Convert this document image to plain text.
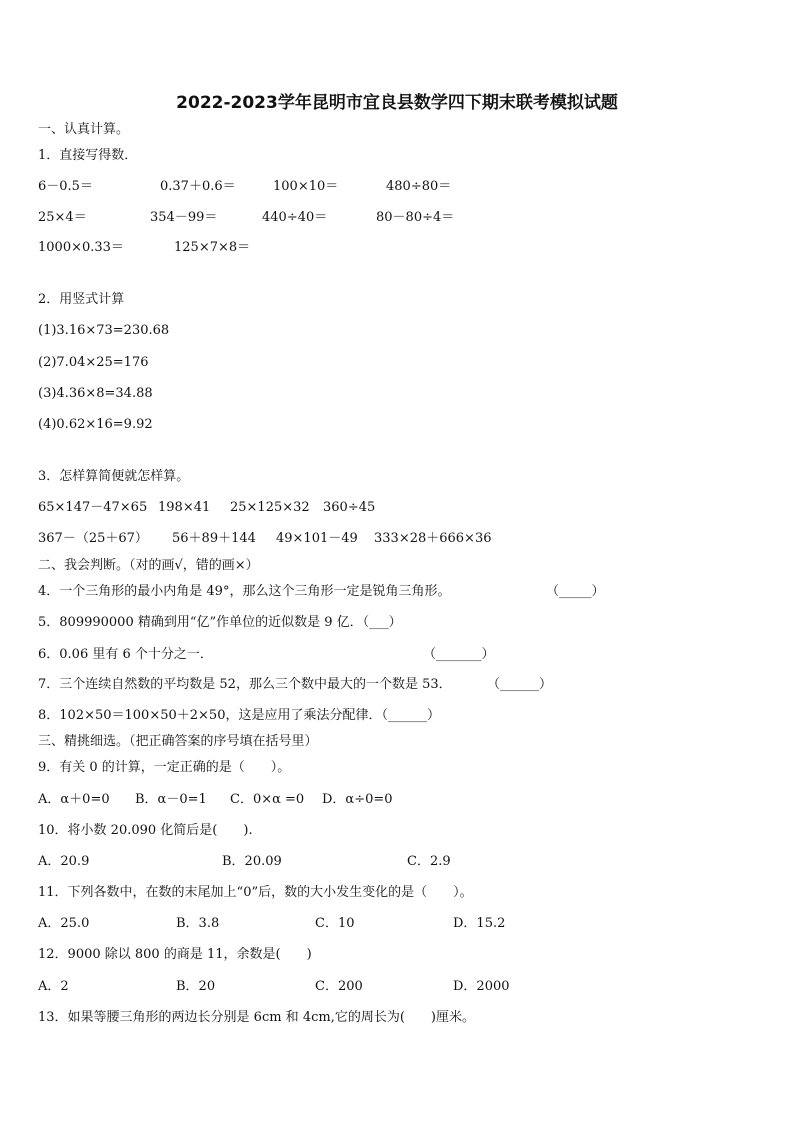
2022-2023学年昆明市宜良县数学四下期末联考模拟试题
一、认真计算。
1．直接写得数．
6－0.5＝	0.37＋0.6＝	100×10＝	480÷80＝
25×4＝	354－99＝	440÷40＝	80－80÷4＝
1000×0.33＝	125×7×8＝
2．用竖式计算
(1)3.16×73=230.68
(2)7.04×25=176
(3)4.36×8=34.88
(4)0.62×16=9.92
3．怎样算简便就怎样算。
65×147－47×65 198×41 25×125×32 360÷45
367－（25＋67） 56＋89＋144 49×101－49 333×28＋666×36
二、我会判断。（对的画√，错的画×）
4．一个三角形的最小内角是 49°，那么这个三角形一定是锐角三角形。	（_____）
5．809990000 精确到用“亿”作单位的近似数是 9 亿．（___）
6．0.06 里有 6 个十分之一．	（_______）
7．三个连续自然数的平均数是 52，那么三个数中最大的一个数是 53．	（______）
8．102×50＝100×50＋2×50，这是应用了乘法分配律．（______）
三、精挑细选。（把正确答案的序号填在括号里）
9．有关 0 的计算，一定正确的是（　　）。
A．α＋0=0 B．α－0=1 C．0×α =0 D．α÷0=0
10．将小数 20.090 化简后是(　　).
A．20.9	B．20.09	C．2.9
11．下列各数中，在数的末尾加上“0”后，数的大小发生变化的是（　　）。
A．25.0	B．3.8	C．10	D．15.2
12．9000 除以 800 的商是 11，余数是(　　)
A．2	B．20	C．200	D．2000
13．如果等腰三角形的两边长分别是 6cm 和 4cm,它的周长为(　　)厘米。
